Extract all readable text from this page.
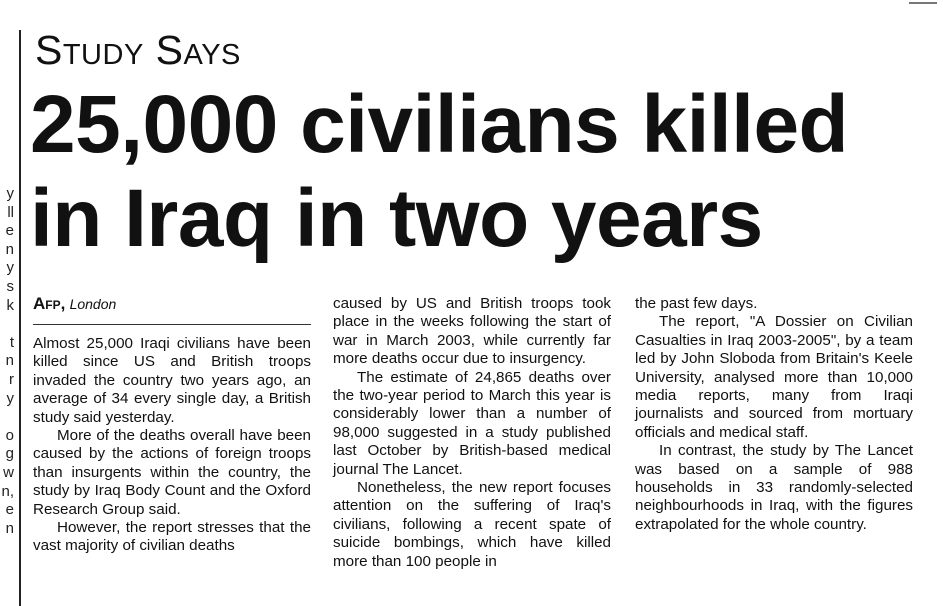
y
ll
e
n
y
s
k

t
n
r
y

o
g
w
n,
e
n
Study Says
25,000 civilians killed
in Iraq in two years
Afp, London

Almost 25,000 Iraqi civilians have been killed since US and British troops invaded the country two years ago, an average of 34 every single day, a British study said yesterday.

More of the deaths overall have been caused by the actions of foreign troops than insurgents within the country, the study by Iraq Body Count and the Oxford Research Group said.

However, the report stresses that the vast majority of civilian deaths

caused by US and British troops took place in the weeks following the start of war in March 2003, while currently far more deaths occur due to insurgency.

The estimate of 24,865 deaths over the two-year period to March this year is considerably lower than a number of 98,000 suggested in a study published last October by British-based medical journal The Lancet.

Nonetheless, the new report focuses attention on the suffering of Iraq's civilians, following a recent spate of suicide bombings, which have killed more than 100 people in

the past few days.

The report, "A Dossier on Civilian Casualties in Iraq 2003-2005", by a team led by John Sloboda from Britain's Keele University, analysed more than 10,000 media reports, many from Iraqi journalists and sourced from mortuary officials and medical staff.

In contrast, the study by The Lancet was based on a sample of 988 households in 33 randomly-selected neighbourhoods in Iraq, with the figures extrapolated for the whole country.
